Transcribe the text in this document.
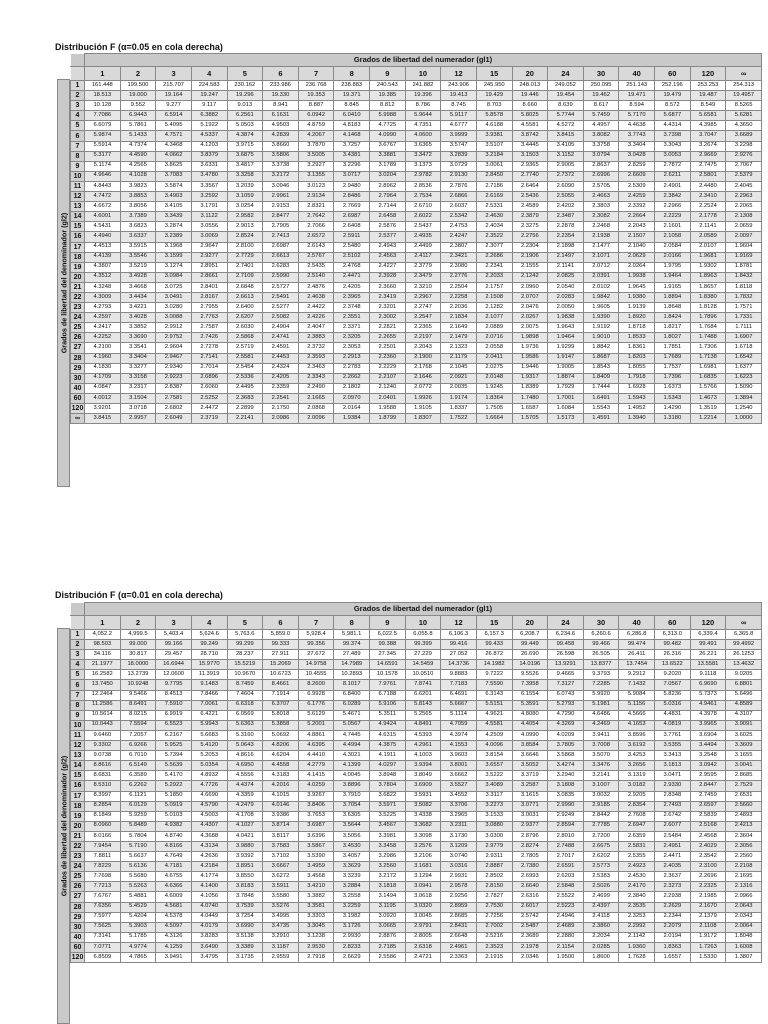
Distribución F (α=0.05 en cola derecha)
Grados de libertad del denominador (gl2)
	Grados de libertad del numerador (gl1)																		
	1	2	3	4	5	6	7	8	9	10	12	15	20	24	30	40	60	120	∞
1	161.448	199.500	215.707	224.583	230.162	233.986	236.768	238.883	240.543	241.882	243.906	245.950	248.013	249.052	250.095	251.143	252.196	253.253	254.313
2	18.513	19.000	19.164	19.247	19.296	19.330	19.353	19.371	19.385	19.396	19.413	19.429	19.446	19.454	19.462	19.471	19.479	19.487	19.4957
3	10.128	9.552	9.277	9.117	9.013	8.941	8.887	8.845	8.812	8.786	8.745	8.703	8.660	8.639	8.617	8.594	8.572	8.549	8.5265
4	7.7086	6.9443	6.5914	6.3882	6.2561	6.1631	6.0942	6.0410	5.9988	5.9644	5.9117	5.8578	5.8025	5.7744	5.7459	5.7170	5.6877	5.6581	5.6281
5	6.6079	5.7861	5.4095	5.1922	5.0503	4.9503	4.8759	4.8183	4.7725	4.7351	4.6777	4.6188	4.5581	4.5272	4.4957	4.4638	4.4314	4.3985	4.3650
6	5.9874	5.1433	4.7571	4.5337	4.3874	4.2839	4.2067	4.1468	4.0990	4.0600	3.9999	3.9381	3.8742	3.8415	3.8082	3.7743	3.7398	3.7047	3.6689
7	5.5914	4.7374	4.3468	4.1203	3.9715	3.8660	3.7870	3.7257	3.6767	3.6365	3.5747	3.5107	3.4445	3.4105	3.3758	3.3404	3.3043	3.2674	3.2298
8	5.3177	4.4590	4.0662	3.8379	3.6875	3.5806	3.5005	3.4381	3.3881	3.3472	3.2839	3.2184	3.1503	3.1152	3.0794	3.0428	3.0053	2.9669	2.9276
9	5.1174	4.2565	3.8625	3.6331	3.4817	3.3738	3.2927	3.2296	3.1789	3.1373	3.0729	3.0061	2.9365	2.9005	2.8637	2.8259	2.7872	2.7475	2.7067
10	4.9646	4.1028	3.7083	3.4780	3.3258	3.2172	3.1355	3.0717	3.0204	2.9782	2.9130	2.8450	2.7740	2.7372	2.6996	2.6609	2.6211	2.5801	2.5379
11	4.8443	3.9823	3.5874	3.3567	3.2039	3.0946	3.0123	2.9480	2.8962	2.8536	2.7876	2.7186	2.6464	2.6090	2.5705	2.5309	2.4901	2.4480	2.4045
12	4.7472	3.8853	3.4903	3.2592	3.1059	2.9961	2.9134	2.8486	2.7964	2.7534	2.6866	2.6169	2.5436	2.5055	2.4663	2.4259	2.3842	2.3410	2.2963
13	4.6672	3.8056	3.4105	3.1791	3.0254	2.9153	2.8321	2.7669	2.7144	2.6710	2.6037	2.5331	2.4589	2.4202	2.3803	2.3392	2.2966	2.2524	2.2065
14	4.6001	3.7389	3.3439	3.1122	2.9582	2.8477	2.7642	2.6987	2.6458	2.6022	2.5342	2.4630	2.3879	2.3487	2.3082	2.2664	2.2229	2.1778	2.1308
15	4.5431	3.6823	3.2874	3.0556	2.9013	2.7905	2.7066	2.6408	2.5876	2.5437	2.4753	2.4034	2.3275	2.2878	2.2468	2.2043	2.1601	2.1141	2.0659
16	4.4940	3.6337	3.2389	3.0069	2.8524	2.7413	2.6572	2.5911	2.5377	2.4935	2.4247	2.3522	2.2756	2.2354	2.1938	2.1507	2.1058	2.0589	2.0097
17	4.4513	3.5915	3.1968	2.9647	2.8100	2.6987	2.6143	2.5480	2.4943	2.4499	2.3807	2.3077	2.2304	2.1898	2.1477	2.1040	2.0584	2.0107	1.9604
18	4.4139	3.5546	3.1599	2.9277	2.7729	2.6613	2.5767	2.5102	2.4563	2.4117	2.3421	2.2686	2.1906	2.1497	2.1071	2.0629	2.0166	1.9681	1.9169
19	4.3807	3.5219	3.1274	2.8951	2.7401	2.6283	2.5435	2.4768	2.4227	2.3779	2.3080	2.2341	2.1555	2.1141	2.0712	2.0264	1.9795	1.9302	1.8781
20	4.3512	3.4928	3.0984	2.8661	2.7109	2.5990	2.5140	2.4471	2.3928	2.3479	2.2776	2.2033	2.1242	2.0825	2.0391	1.9938	1.9464	1.8963	1.8432
21	4.3248	3.4668	3.0725	2.8401	2.6848	2.5727	2.4876	2.4205	2.3660	2.3210	2.2504	2.1757	2.0960	2.0540	2.0102	1.9645	1.9165	1.8657	1.8118
22	4.3009	3.4434	3.0491	2.8167	2.6613	2.5491	2.4638	2.3965	2.3419	2.2967	2.2258	2.1508	2.0707	2.0283	1.9842	1.9380	1.8894	1.8380	1.7832
23	4.2793	3.4221	3.0280	2.7955	2.6400	2.5277	2.4422	2.3748	2.3201	2.2747	2.2036	2.1282	2.0476	2.0050	1.9605	1.9139	1.8648	1.8128	1.7571
24	4.2597	3.4028	3.0088	2.7763	2.6207	2.5082	2.4226	2.3551	2.3002	2.2547	2.1834	2.1077	2.0267	1.9838	1.9390	1.8920	1.8424	1.7896	1.7331
25	4.2417	3.3852	2.9912	2.7587	2.6030	2.4904	2.4047	2.3371	2.2821	2.2365	2.1649	2.0889	2.0075	1.9643	1.9192	1.8718	1.8217	1.7684	1.7111
26	4.2252	3.3690	2.9752	2.7426	2.5868	2.4741	2.3883	2.3205	2.2655	2.2197	2.1479	2.0716	1.9898	1.9464	1.9010	1.8533	1.8027	1.7488	1.6907
27	4.2100	3.3541	2.9604	2.7278	2.5719	2.4591	2.3732	2.3053	2.2501	2.2043	2.1323	2.0558	1.9736	1.9299	1.8842	1.8361	1.7851	1.7306	1.6718
28	4.1960	3.3404	2.9467	2.7141	2.5581	2.4453	2.3593	2.2913	2.2360	2.1900	2.1179	2.0411	1.9586	1.9147	1.8687	1.8203	1.7689	1.7138	1.6542
29	4.1830	3.3277	2.9340	2.7014	2.5454	2.4324	2.3463	2.2783	2.2229	2.1768	2.1045	2.0275	1.9446	1.9005	1.8543	1.8055	1.7537	1.6981	1.6377
30	4.1709	3.3158	2.9223	2.6896	2.5336	2.4205	2.3343	2.2662	2.2107	2.1646	2.0921	2.0148	1.9317	1.8874	1.8409	1.7918	1.7396	1.6835	1.6223
40	4.0847	3.2317	2.8387	2.6060	2.4495	2.3359	2.2490	2.1802	2.1240	2.0772	2.0035	1.9245	1.8389	1.7929	1.7444	1.6928	1.6373	1.5766	1.5090
60	4.0012	3.1504	2.7581	2.5252	2.3683	2.2541	2.1665	2.0970	2.0401	1.9926	1.9174	1.8364	1.7480	1.7001	1.6491	1.5943	1.5343	1.4673	1.3894
120	3.9201	3.0718	2.6802	2.4472	2.2899	2.1750	2.0868	2.0164	1.9588	1.9105	1.8337	1.7505	1.6587	1.6084	1.5543	1.4952	1.4290	1.3519	1.2540
∞	3.8415	2.9957	2.6049	2.3719	2.2141	2.0986	2.0096	1.9384	1.8799	1.8307	1.7522	1.6664	1.5705	1.5173	1.4591	1.3940	1.3180	1.2214	1.0000
Distribución F (α=0.01 en cola derecha)
Grados de libertad del denominador (gl2)
	Grados de libertad del numerador (gl1)																		
	1	2	3	4	5	6	7	8	9	10	12	15	20	24	30	40	60	120	∞
1	4,052.2	4,999.5	5,403.4	5,624.6	5,763.6	5,859.0	5,928.4	5,981.1	6,022.5	6,055.8	6,106.3	6,157.3	6,208.7	6,234.6	6,260.6	6,286.8	6,313.0	6,339.4	6,365.8
2	98.503	99.000	99.166	99.249	99.299	99.333	99.356	99.374	99.388	99.399	99.416	99.433	99.449	99.458	99.466	99.474	99.482	99.491	99.4992
3	34.116	30.817	29.457	28.710	28.237	27.911	27.672	27.489	27.345	27.229	27.052	26.872	26.690	26.598	26.505	26.411	26.316	26.221	26.1253
4	21.1977	18.0000	16.6944	15.9770	15.5219	15.2069	14.9758	14.7989	14.6591	14.5459	14.3736	14.1982	14.0196	13.9291	13.8377	13.7454	13.6522	13.5581	13.4632
5	16.2582	13.2739	12.0600	11.3919	10.9670	10.6723	10.4555	10.2893	10.1578	10.0510	9.8883	9.7222	9.5526	9.4665	9.3793	9.2912	9.2020	9.1118	9.0205
6	13.7450	10.9248	9.7795	9.1483	8.7459	8.4661	8.2600	8.1017	7.9761	7.8741	7.7183	7.5590	7.3958	7.3127	7.2285	7.1432	7.0567	6.9690	6.8801
7	12.2464	9.5466	8.4513	7.8466	7.4604	7.1914	6.9928	6.8400	6.7188	6.6201	6.4691	6.3143	6.1554	6.0743	5.9920	5.9084	5.8236	5.7373	5.6496
8	11.2586	8.6491	7.5910	7.0061	6.6318	6.3707	6.1776	6.0289	5.9106	5.8143	5.6667	5.5151	5.3591	5.2793	5.1981	5.1156	5.0316	4.9461	4.8589
9	10.5614	8.0215	6.9919	6.4221	6.0569	5.8018	5.6129	5.4671	5.3511	5.2565	5.1114	4.9621	4.8080	4.7290	4.6486	4.5666	4.4831	4.3978	4.3107
10	10.0443	7.5594	6.5523	5.9943	5.6363	5.3858	5.2001	5.0567	4.9424	4.8491	4.7059	4.5581	4.4054	4.3269	4.2469	4.1653	4.0819	3.9965	3.9091
11	9.6460	7.2057	6.2167	5.6683	5.3160	5.0692	4.8861	4.7445	4.6315	4.5393	4.3974	4.2509	4.0990	4.0209	3.9411	3.8596	3.7761	3.6904	3.6025
12	9.3302	6.9266	5.9525	5.4120	5.0643	4.8206	4.6395	4.4994	4.3875	4.2961	4.1553	4.0096	3.8584	3.7805	3.7008	3.6192	3.5355	3.4494	3.3609
13	9.0738	6.7010	5.7394	5.2053	4.8616	4.6204	4.4410	4.3021	4.1911	4.1003	3.9603	3.8154	3.6646	3.5868	3.5070	3.4253	3.3413	3.2548	3.1655
14	8.8616	6.5149	5.5639	5.0354	4.6950	4.4558	4.2779	4.1399	4.0297	3.9394	3.8001	3.6557	3.5052	3.4274	3.3476	3.2656	3.1813	3.0942	3.0041
15	8.6831	6.3589	5.4170	4.8932	4.5556	4.3183	4.1415	4.0045	3.8948	3.8049	3.6662	3.5222	3.3719	3.2940	3.2141	3.1319	3.0471	2.9595	2.8685
16	8.5310	6.2262	5.2922	4.7726	4.4374	4.2016	4.0259	3.8896	3.7804	3.6909	3.5527	3.4089	3.2587	3.1808	3.1007	3.0182	2.9330	2.8447	2.7529
17	8.3997	6.1121	5.1850	4.6690	4.3359	4.1015	3.9267	3.7910	3.6822	3.5931	3.4552	3.3117	3.1615	3.0835	3.0032	2.9205	2.8348	2.7459	2.6531
18	8.2854	6.0129	5.0919	4.5790	4.2479	4.0146	3.8406	3.7054	3.5971	3.5082	3.3706	3.2273	3.0771	2.9990	2.9185	2.8354	2.7493	2.6597	2.5660
19	8.1849	5.9259	5.0103	4.5003	4.1708	3.9386	3.7653	3.6305	3.5225	3.4338	3.2965	3.1533	3.0031	2.9249	2.8442	2.7608	2.6742	2.5839	2.4893
20	8.0960	5.8489	4.9382	4.4307	4.1027	3.8714	3.6987	3.5644	3.4567	3.3682	3.2311	3.0880	2.9377	2.8594	2.7785	2.6947	2.6077	2.5168	2.4213
21	8.0166	5.7804	4.8740	4.3688	4.0421	3.8117	3.6396	3.5056	3.3981	3.3098	3.1730	3.0300	2.8796	2.8010	2.7200	2.6359	2.5484	2.4568	2.3604
22	7.9454	5.7190	4.8166	4.3134	3.9880	3.7583	3.5867	3.4530	3.3458	3.2576	3.1209	2.9779	2.8274	2.7488	2.6675	2.5831	2.4951	2.4029	2.3056
23	7.8811	5.6637	4.7649	4.2636	3.9392	3.7102	3.5390	3.4057	3.2986	3.2106	3.0740	2.9311	2.7805	2.7017	2.6202	2.5355	2.4471	2.3542	2.2560
24	7.8229	5.6136	4.7181	4.2184	3.8951	3.6667	3.4959	3.3629	3.2560	3.1681	3.0316	2.8887	2.7380	2.6591	2.5773	2.4923	2.4035	2.3100	2.2108
25	7.7698	5.5680	4.6755	4.1774	3.8550	3.6272	3.4568	3.3239	3.2172	3.1294	2.9931	2.8502	2.6993	2.6203	2.5383	2.4530	2.3637	2.2696	2.1695
26	7.7213	5.5263	4.6366	4.1400	3.8183	3.5911	3.4210	3.2884	3.1818	3.0941	2.9578	2.8150	2.6640	2.5848	2.5026	2.4170	2.3273	2.2325	2.1316
27	7.6767	5.4881	4.6009	4.1056	3.7848	3.5580	3.3882	3.2558	3.1494	3.0618	2.9256	2.7827	2.6316	2.5522	2.4699	2.3840	2.2938	2.1985	2.0966
28	7.6356	5.4529	4.5681	4.0740	3.7539	3.5276	3.3581	3.2259	3.1195	3.0320	2.8959	2.7530	2.6017	2.5223	2.4397	2.3535	2.2629	2.1670	2.0643
29	7.5977	5.4204	4.5378	4.0449	3.7254	3.4995	3.3303	3.1982	3.0920	3.0045	2.8685	2.7256	2.5742	2.4946	2.4118	2.3253	2.2344	2.1379	2.0343
30	7.5625	5.3903	4.5097	4.0179	3.6990	3.4735	3.3045	3.1726	3.0665	2.9791	2.8431	2.7002	2.5487	2.4689	2.3860	2.2992	2.2079	2.1108	2.0064
40	7.3141	5.1785	4.3126	3.8283	3.5138	3.2910	3.1238	2.9930	2.8876	2.8005	2.6648	2.5216	2.3689	2.2880	2.2034	2.1142	2.0194	1.9172	1.8048
60	7.0771	4.9774	4.1259	3.6490	3.3389	3.1187	2.9530	2.8233	2.7185	2.6318	2.4961	2.3523	2.1978	2.1154	2.0285	1.9360	1.8363	1.7263	1.6008
120	6.8509	4.7865	3.9491	3.4795	3.1735	2.9559	2.7918	2.6629	2.5586	2.4721	2.3363	2.1915	2.0346	1.9500	1.8600	1.7628	1.6557	1.5330	1.3807
